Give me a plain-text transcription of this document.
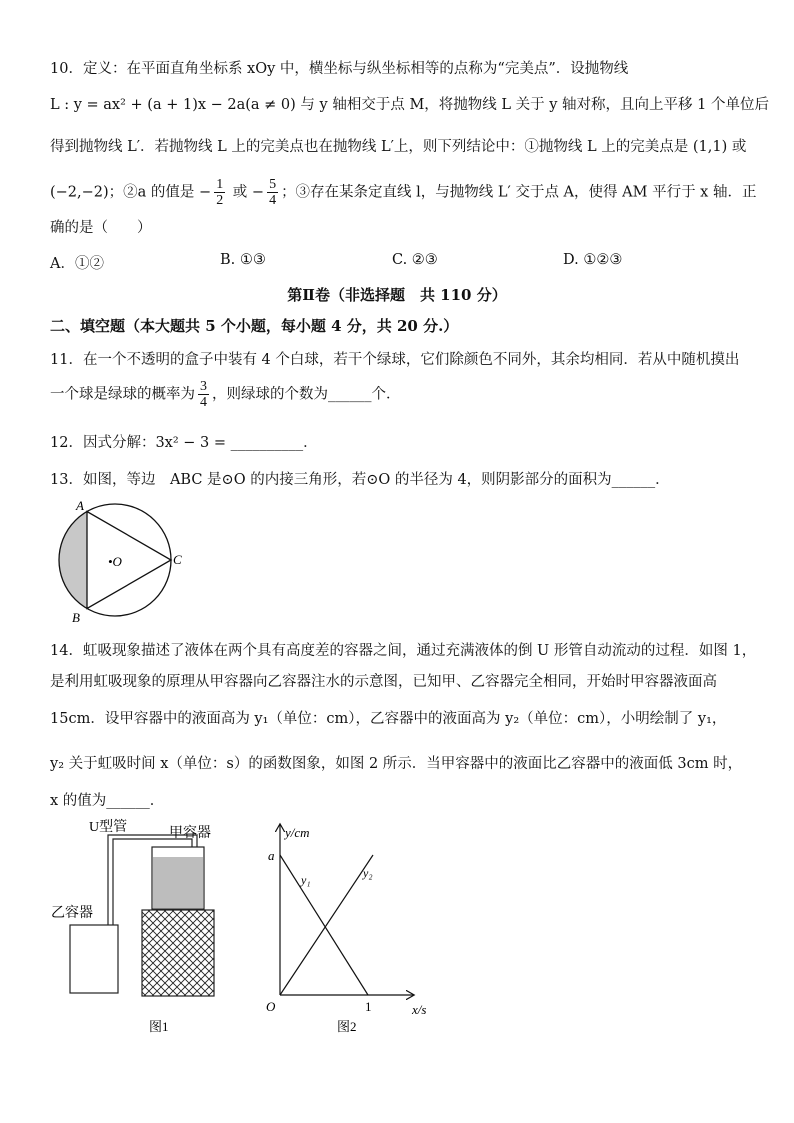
10．定义：在平面直角坐标系 xOy 中，横坐标与纵坐标相等的点称为“完美点”．设抛物线
L : y = ax² + (a + 1)x − 2a(a ≠ 0) 与 y 轴相交于点 M，将抛物线 L 关于 y 轴对称，且向上平移 1 个单位后
得到抛物线 L′．若抛物线 L 上的完美点也在抛物线 L′上，则下列结论中：①抛物线 L 上的完美点是 (1,1) 或
(−2,−2)；②a 的值是 − $\frac{1}{2}$ 或 − $\frac{5}{4}$ ；③存在某条定直线 l，与抛物线 L′ 交于点 A，使得 AM 平行于 x 轴．正
确的是（　　）
A．①②	B. ①③	C. ②③	D. ①②③
第Ⅱ卷（非选择题　共 110 分）
二、填空题（本大题共 5 个小题，每小题 4 分，共 20 分.）
11．在一个不透明的盒子中装有 4 个白球，若干个绿球，它们除颜色不同外，其余均相同．若从中随机摸出
一个球是绿球的概率为 $\frac{3}{4}$ ，则绿球的个数为______个．
12．因式分解：3x² − 3 = __________．
13．如图，等边　ABC 是⊙O 的内接三角形，若⊙O 的半径为 4，则阴影部分的面积为______．
A
B
C
•O
14．虹吸现象描述了液体在两个具有高度差的容器之间，通过充满液体的倒 U 形管自动流动的过程．如图 1，
是利用虹吸现象的原理从甲容器向乙容器注水的示意图，已知甲、乙容器完全相同，开始时甲容器液面高
15cm．设甲容器中的液面高为 y₁（单位：cm），乙容器中的液面高为 y₂（单位：cm），小明绘制了 y₁，
y₂ 关于虹吸时间 x（单位：s）的函数图象，如图 2 所示．当甲容器中的液面比乙容器中的液面低 3cm 时，
x 的值为______．
U型管	甲容器
乙容器
图1
y/cm
a
y₁	y₂
O	1	x/s
图2
